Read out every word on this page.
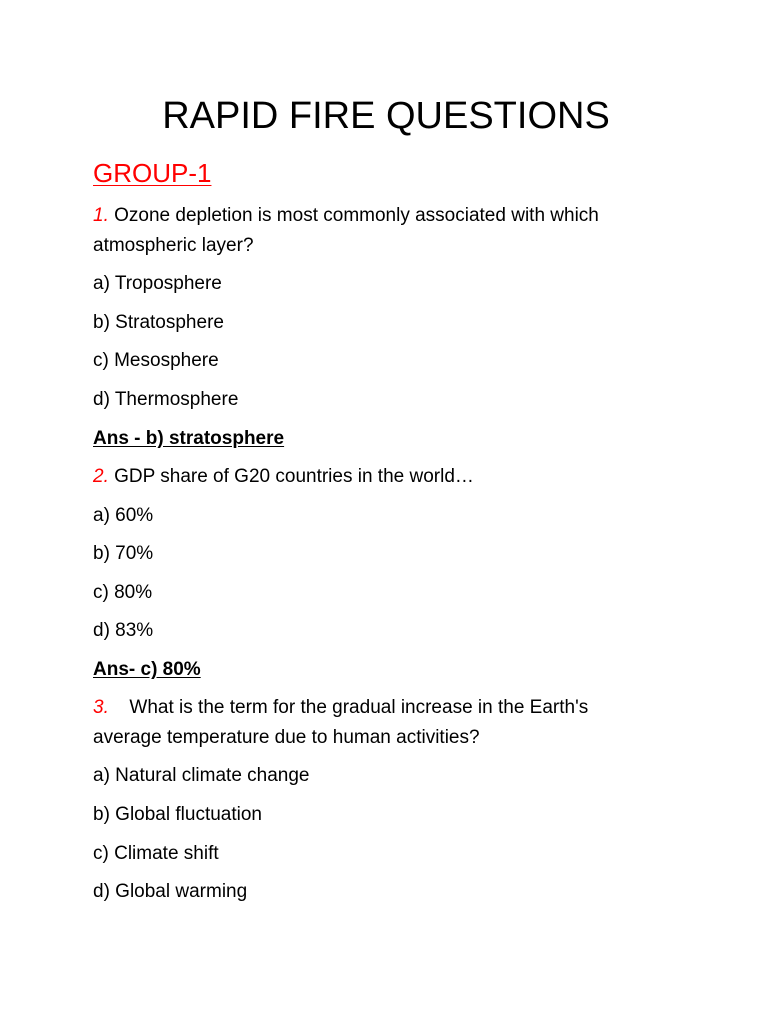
RAPID FIRE QUESTIONS
GROUP-1
1. Ozone depletion is most commonly associated with which
atmospheric layer?
a) Troposphere
b) Stratosphere
c) Mesosphere
d) Thermosphere
Ans - b) stratosphere
2. GDP share of G20 countries in the world…
a) 60%
b) 70%
c) 80%
d) 83%
Ans- c) 80%
3. What is the term for the gradual increase in the Earth's
average temperature due to human activities?
a) Natural climate change
b) Global fluctuation
c) Climate shift
d) Global warming
